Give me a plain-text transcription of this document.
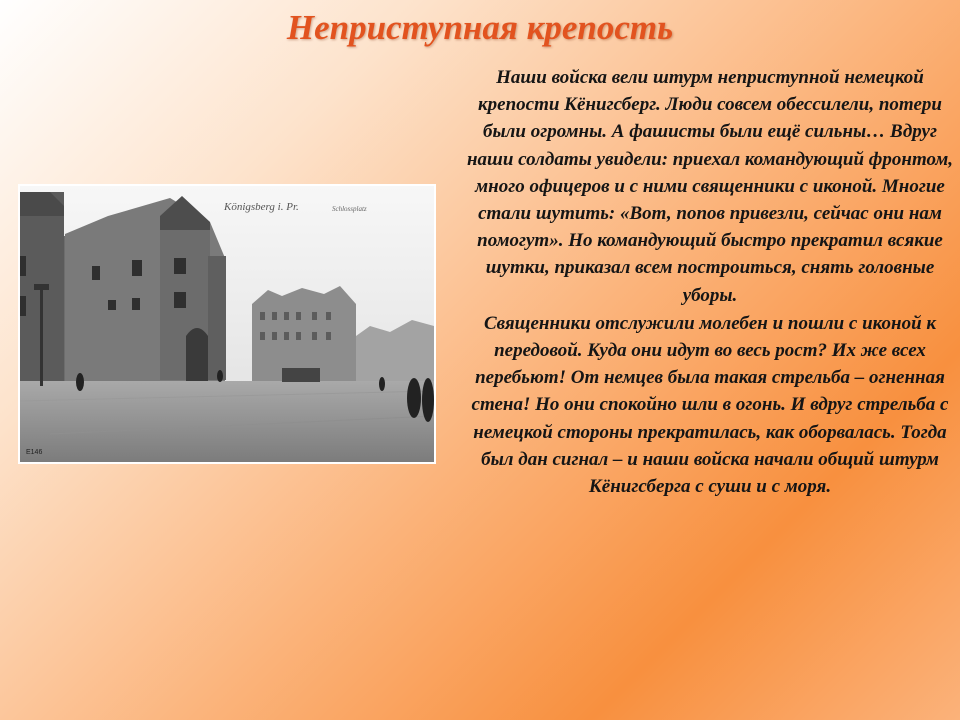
Неприступная крепость
Königsberg i. Pr.	Schlossplatz
E146

Наши войска вели штурм неприступной немецкой крепости Кёнигсберг. Люди совсем обессилели, потери были огромны. А фашисты были ещё сильны… Вдруг наши солдаты увидели: приехал командующий фронтом, много офицеров и с ними священники с иконой. Многие стали шутить: «Вот, попов привезли, сейчас они нам помогут». Но командующий быстро прекратил всякие шутки, приказал всем построиться, снять головные уборы.

Священники отслужили молебен и пошли с иконой к передовой. Куда они идут во весь рост? Их же всех перебьют! От немцев была такая стрельба – огненная стена! Но они спокойно шли в огонь. И вдруг стрельба с немецкой стороны прекратилась, как оборвалась. Тогда был дан сигнал – и наши войска начали общий штурм Кёнигсберга с суши и с моря.
